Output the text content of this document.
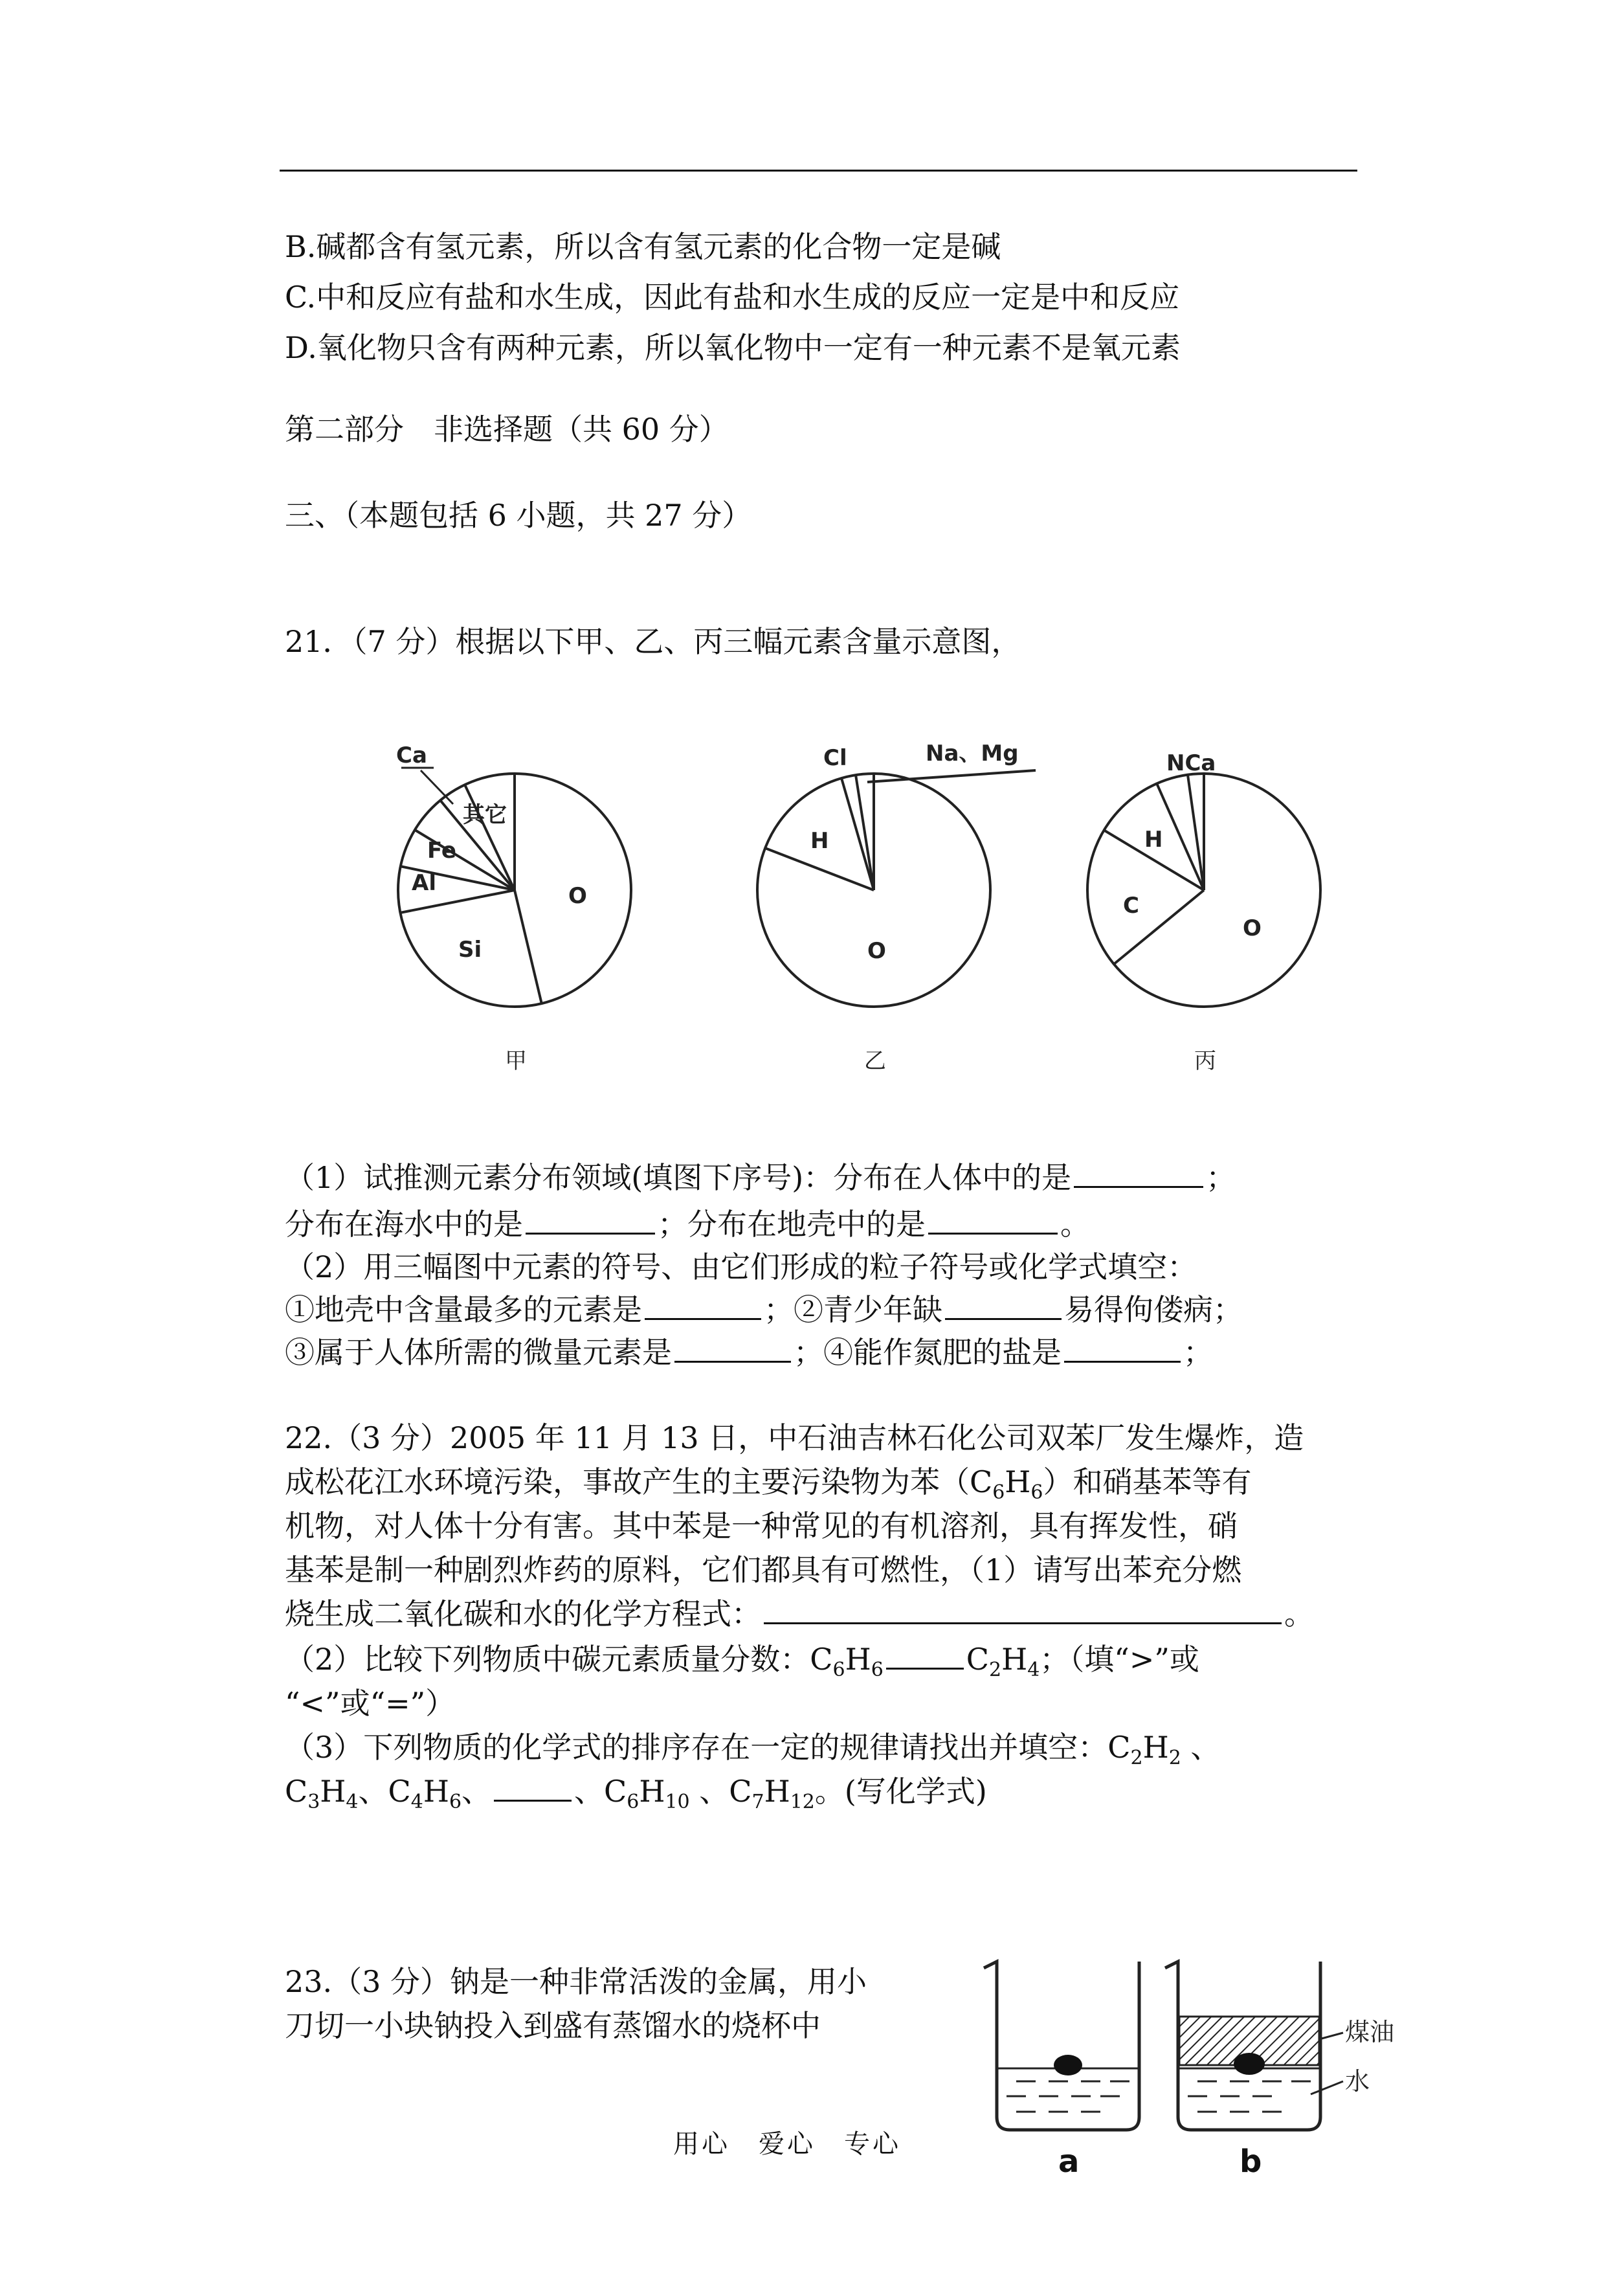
B.碱都含有氢元素，所以含有氢元素的化合物一定是碱
C.中和反应有盐和水生成，因此有盐和水生成的反应一定是中和反应
D.氧化物只含有两种元素，所以氧化物中一定有一种元素不是氧元素
第二部分　非选择题（共 60 分）
三、（本题包括 6 小题，共 27 分）
21．（7 分）根据以下甲、乙、丙三幅元素含量示意图，
Ca
其它
Fe
Al
Si
O
Cl	Na、Mg
H
O
NCa
H
C
O
甲	乙	丙
（1）试推测元素分布领域(填图下序号)：分布在人体中的是	；
分布在海水中的是	；分布在地壳中的是	。
（2）用三幅图中元素的符号、由它们形成的粒子符号或化学式填空：
①地壳中含量最多的元素是	；②青少年缺	易得佝偻病；
③属于人体所需的微量元素是	；④能作氮肥的盐是	；
22.（3 分）2005 年 11 月 13 日，中石油吉林石化公司双苯厂发生爆炸，造
成松花江水环境污染，事故产生的主要污染物为苯$(C_6H_6)$和硝基苯等有
机物，对人体十分有害。其中苯是一种常见的有机溶剂，具有挥发性，硝
基苯是制一种剧烈炸药的原料，它们都具有可燃性，（1）请写出苯充分燃
烧生成二氧化碳和水的化学方程式：	。
（2）比较下列物质中碳元素质量分数：$C_6H_6$	$C_2H_4$；（填“>”或
“<”或“=”）
（3）下列物质的化学式的排序存在一定的规律请找出并填空：$C_2H_2$ 、
$C_3H_4$、$C_4H_6$、	、$C_6H_{10}$ 、$C_7H_{12}$。(写化学式)
23.（3 分）钠是一种非常活泼的金属，用小
刀切一小块钠投入到盛有蒸馏水的烧杯中	煤油
水
a	b
用心　爱心　专心
